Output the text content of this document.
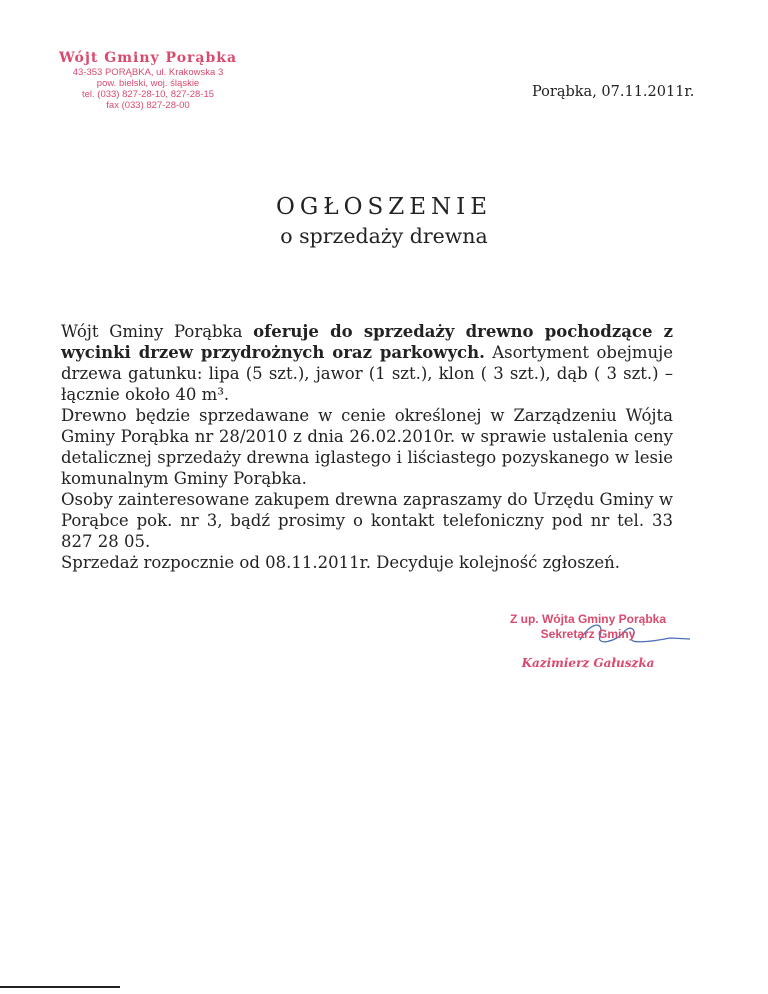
Wójt Gminy Porąbka
43-353 PORĄBKA, ul. Krakowska 3
pow. bielski, woj. śląskie
tel. (033) 827-28-10, 827-28-15
fax (033) 827-28-00
Porąbka, 07.11.2011r.
OGŁOSZENIE
o sprzedaży drewna

Wójt Gminy Porąbka oferuje do sprzedaży drewno pochodzące z wycinki drzew przydrożnych oraz parkowych. Asortyment obejmuje drzewa gatunku: lipa (5 szt.), jawor (1 szt.), klon ( 3 szt.), dąb ( 3 szt.) – łącznie około 40 m³.

Drewno będzie sprzedawane w cenie określonej w Zarządzeniu Wójta Gminy Porąbka nr 28/2010 z dnia 26.02.2010r. w sprawie ustalenia ceny detalicznej sprzedaży drewna iglastego i liściastego pozyskanego w lesie komunalnym Gminy Porąbka.

Osoby zainteresowane zakupem drewna zapraszamy do Urzędu Gminy w Porąbce pok. nr 3, bądź prosimy o kontakt telefoniczny pod nr tel. 33 827 28 05.

Sprzedaż rozpocznie od 08.11.2011r. Decyduje kolejność zgłoszeń.

Z up. Wójta Gminy Porąbka
Sekretarz Gminy
Kazimierz Gałuszka
